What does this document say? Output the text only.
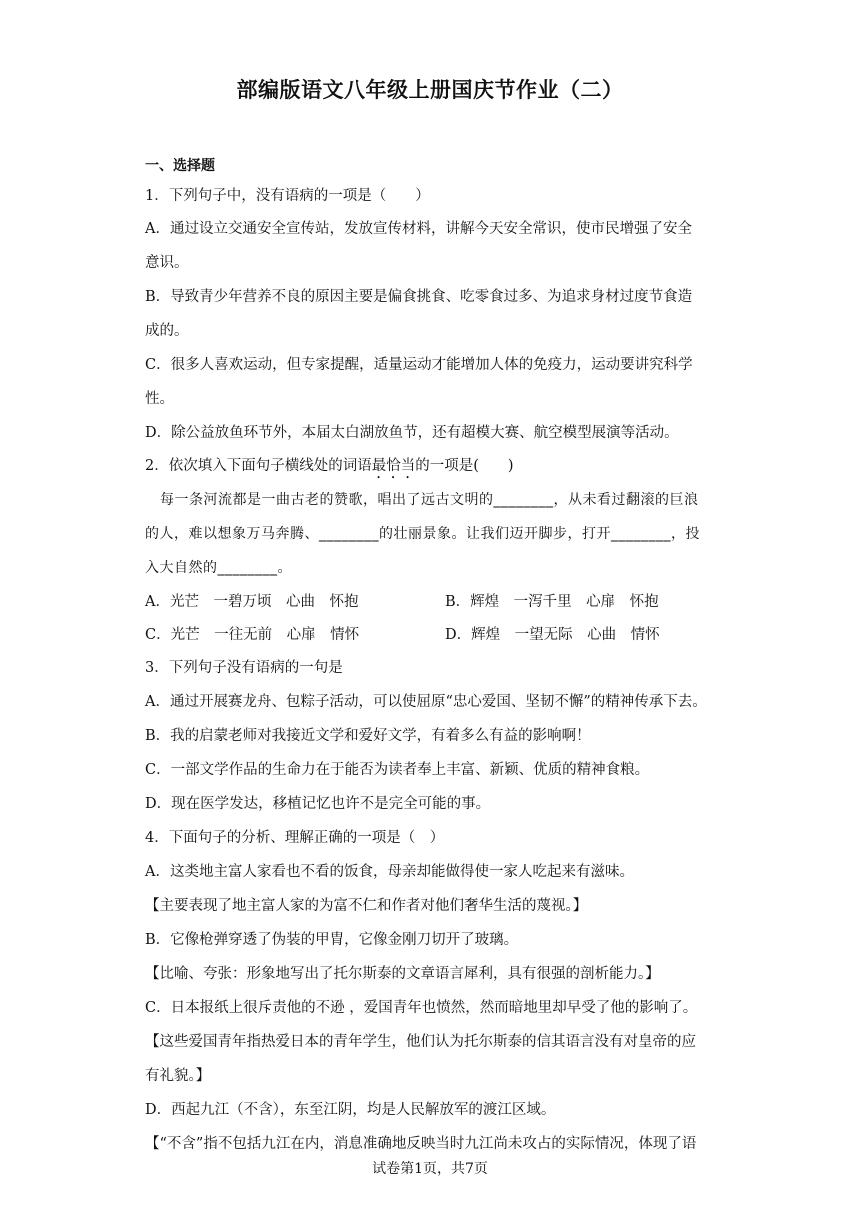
部编版语文八年级上册国庆节作业（二）
一、选择题
1．下列句子中，没有语病的一项是（　　）
A．通过设立交通安全宣传站，发放宣传材料，讲解今天安全常识，使市民增强了安全
意识。
B．导致青少年营养不良的原因主要是偏食挑食、吃零食过多、为追求身材过度节食造
成的。
C．很多人喜欢运动，但专家提醒，适量运动才能增加人体的免疫力，运动要讲究科学
性。
D．除公益放鱼环节外，本届太白湖放鱼节，还有超模大赛、航空模型展演等活动。
2．依次填入下面句子横线处的词语最恰当的一项是(　　)
每一条河流都是一曲古老的赞歌，唱出了远古文明的________，从未看过翻滚的巨浪
的人，难以想象万马奔腾、________的壮丽景象。让我们迈开脚步，打开________，投
入大自然的________。
A．光芒　一碧万顷　心曲　怀抱	B．辉煌　一泻千里　心扉　怀抱
C．光芒　一往无前　心扉　情怀	D．辉煌　一望无际　心曲　情怀
3．下列句子没有语病的一句是
A．通过开展赛龙舟、包粽子活动，可以使屈原“忠心爱国、坚韧不懈”的精神传承下去。
B．我的启蒙老师对我接近文学和爱好文学，有着多么有益的影响啊！
C．一部文学作品的生命力在于能否为读者奉上丰富、新颖、优质的精神食粮。
D．现在医学发达，移植记忆也许不是完全可能的事。
4．下面句子的分析、理解正确的一项是（　）
A．这类地主富人家看也不看的饭食，母亲却能做得使一家人吃起来有滋味。
【主要表现了地主富人家的为富不仁和作者对他们奢华生活的蔑视。】
B．它像枪弹穿透了伪装的甲胄，它像金刚刀切开了玻璃。
【比喻、夸张：形象地写出了托尔斯泰的文章语言犀利，具有很强的剖析能力。】
C．日本报纸上很斥责他的不逊 ，爱国青年也愤然，然而暗地里却早受了他的影响了。
【这些爱国青年指热爱日本的青年学生，他们认为托尔斯泰的信其语言没有对皇帝的应
有礼貌。】
D．西起九江（不含），东至江阴，均是人民解放军的渡江区域。
【“不含”指不包括九江在内，消息准确地反映当时九江尚未攻占的实际情况，体现了语
试卷第1页，共7页
